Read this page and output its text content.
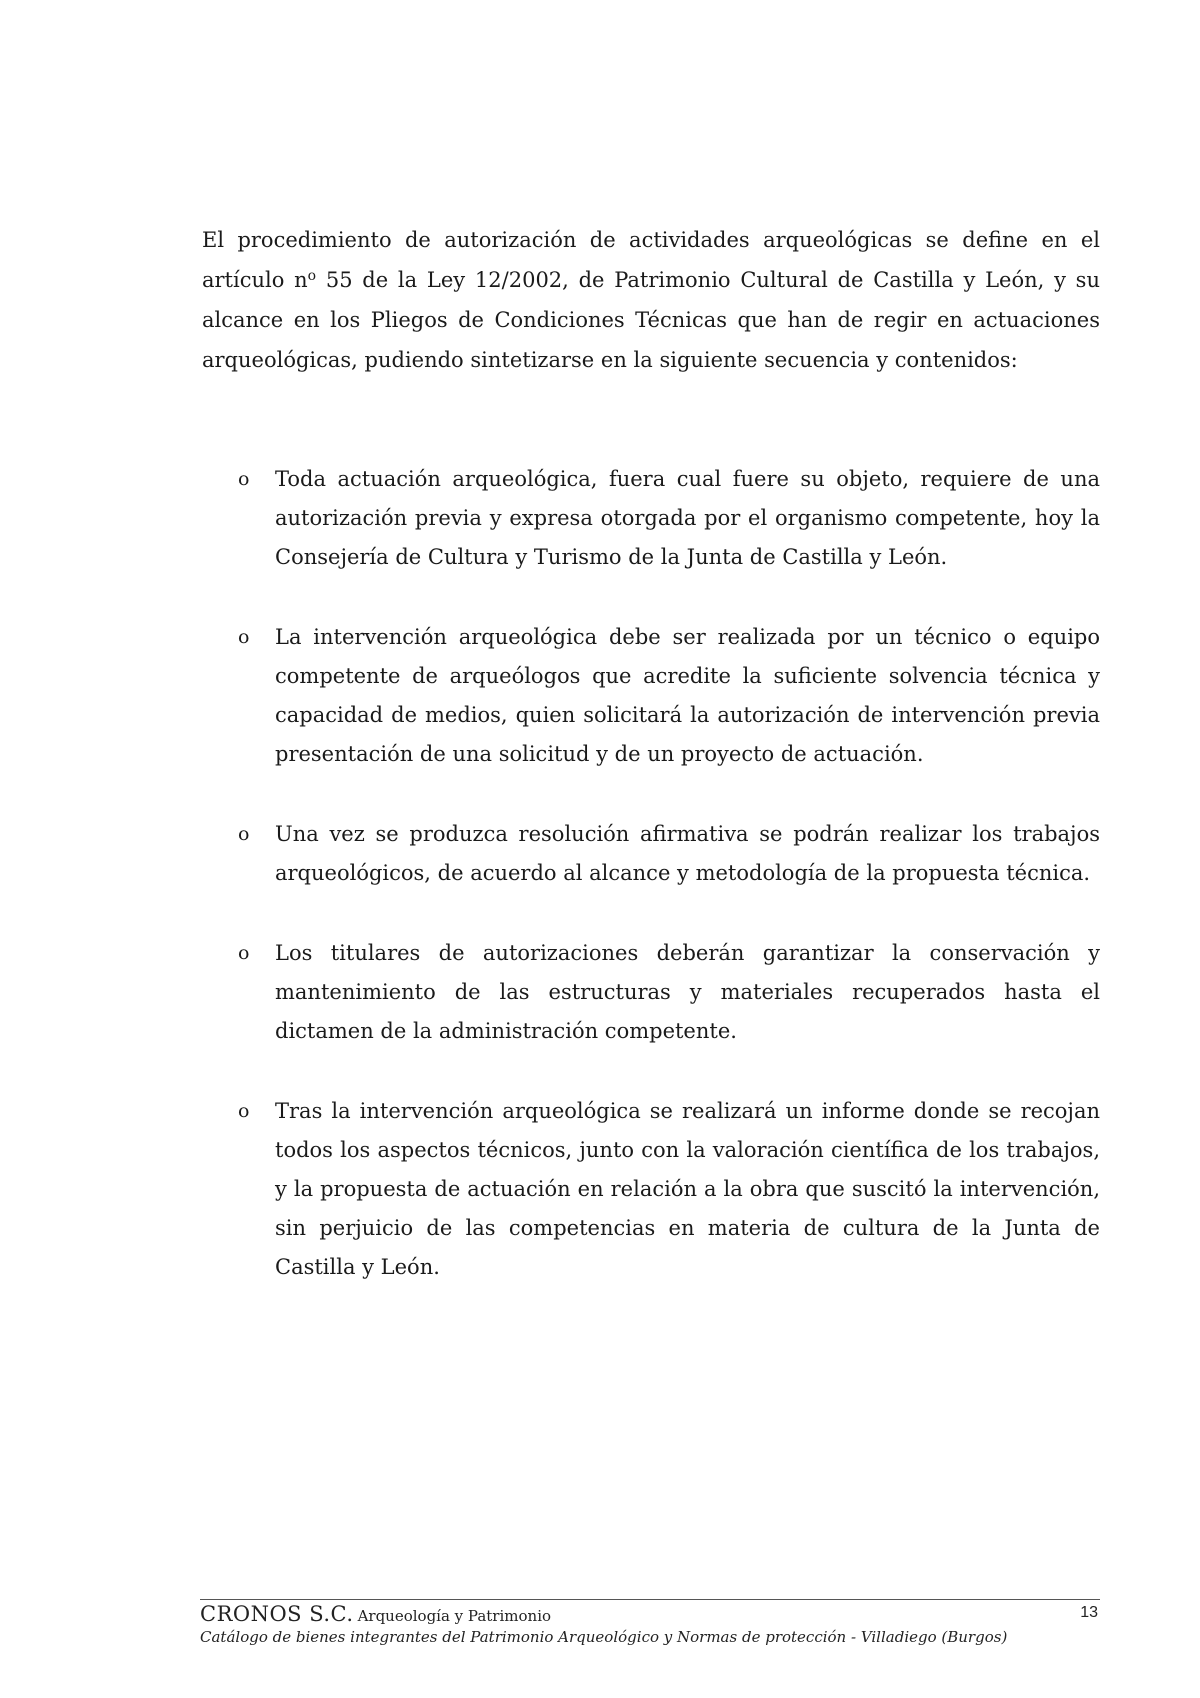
El procedimiento de autorización de actividades arqueológicas se define en el artículo $n^o$ 55 de la Ley 12/2002, de Patrimonio Cultural de Castilla y León, y su alcance en los Pliegos de Condiciones Técnicas que han de regir en actuaciones arqueológicas, pudiendo sintetizarse en la siguiente secuencia y contenidos:

o Toda actuación arqueológica, fuera cual fuere su objeto, requiere de una autorización previa y expresa otorgada por el organismo competente, hoy la Consejería de Cultura y Turismo de la Junta de Castilla y León.
o La intervención arqueológica debe ser realizada por un técnico o equipo competente de arqueólogos que acredite la suficiente solvencia técnica y capacidad de medios, quien solicitará la autorización de intervención previa presentación de una solicitud y de un proyecto de actuación.
o Una vez se produzca resolución afirmativa se podrán realizar los trabajos arqueológicos, de acuerdo al alcance y metodología de la propuesta técnica.
o Los titulares de autorizaciones deberán garantizar la conservación y mantenimiento de las estructuras y materiales recuperados hasta el dictamen de la administración competente.
o Tras la intervención arqueológica se realizará un informe donde se recojan todos los aspectos técnicos, junto con la valoración científica de los trabajos, y la propuesta de actuación en relación a la obra que suscitó la intervención, sin perjuicio de las competencias en materia de cultura de la Junta de Castilla y León.
CRONOS S.C. Arqueología y Patrimonio	13
Catálogo de bienes integrantes del Patrimonio Arqueológico y Normas de protección - Villadiego (Burgos)
